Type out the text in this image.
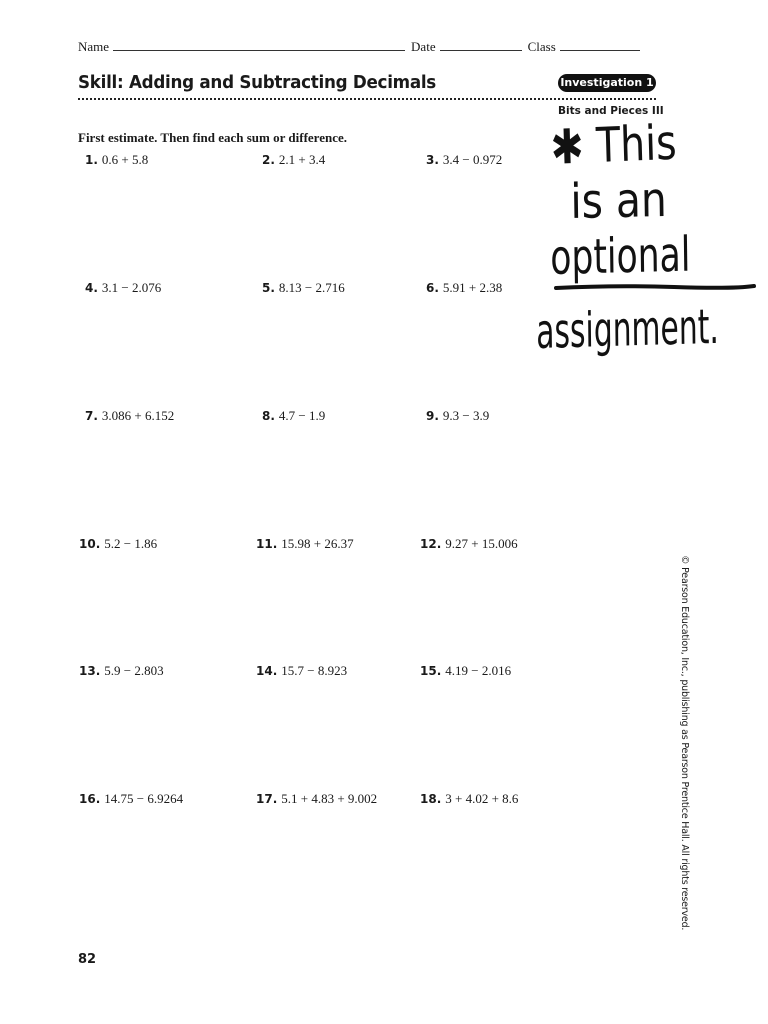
Name	Date	Class
Skill: Adding and Subtracting Decimals	Investigation 1
Bits and Pieces III
First estimate. Then find each sum or difference.
1. 0.6 + 5.8	2. 2.1 + 3.4	3. 3.4 − 0.972
4. 3.1 − 2.076	5. 8.13 − 2.716	6. 5.91 + 2.38
7. 3.086 + 6.152	8. 4.7 − 1.9	9. 9.3 − 3.9
10. 5.2 − 1.86	11. 15.98 + 26.37	12. 9.27 + 15.006
13. 5.9 − 2.803	14. 15.7 − 8.923	15. 4.19 − 2.016
16. 14.75 − 6.9264	17. 5.1 + 4.83 + 9.002	18. 3 + 4.02 + 8.6
✱ This
is an
optional
assignment.
© Pearson Education, Inc., publishing as Pearson Prentice Hall. All rights reserved.
82
